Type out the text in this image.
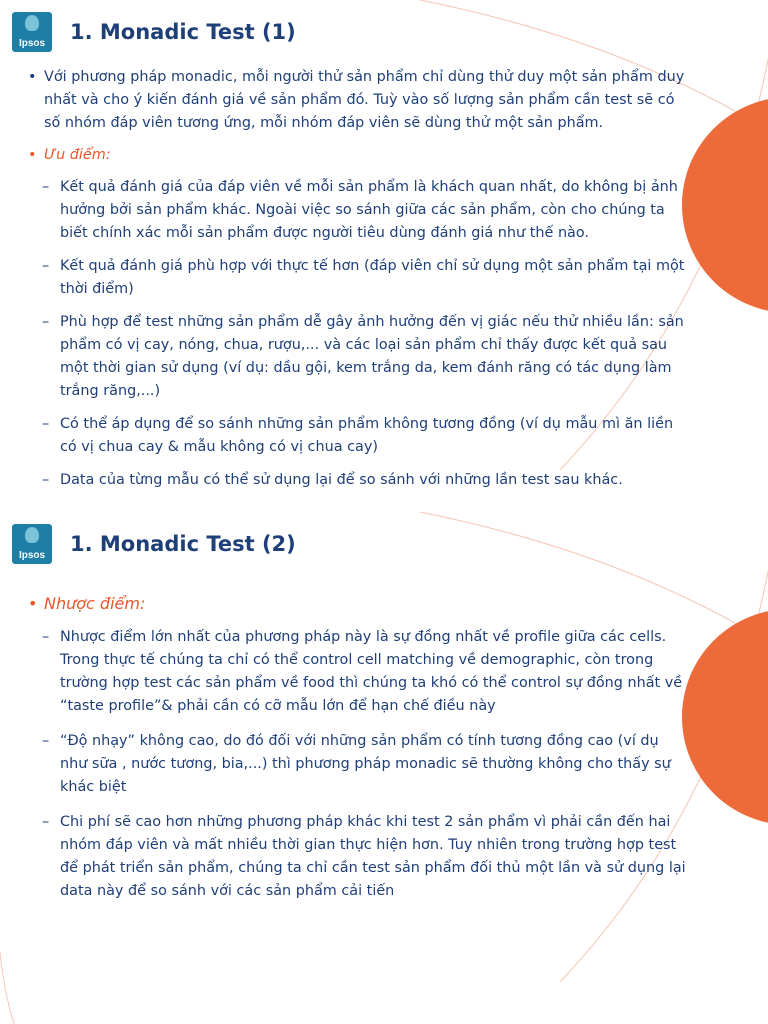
Ipsos	1. Monadic Test (1)
• Với phương pháp monadic, mỗi người thử sản phẩm chỉ dùng thử duy một sản phẩm duy nhất và cho ý kiến đánh giá về sản phẩm đó. Tuỳ vào số lượng sản phẩm cần test sẽ có số nhóm đáp viên tương ứng, mỗi nhóm đáp viên sẽ dùng thử một sản phẩm.
• Ưu điểm:
– Kết quả đánh giá của đáp viên về mỗi sản phẩm là khách quan nhất, do không bị ảnh hưởng bởi sản phẩm khác. Ngoài việc so sánh giữa các sản phẩm, còn cho chúng ta biết chính xác mỗi sản phẩm được người tiêu dùng đánh giá như thế nào.
– Kết quả đánh giá phù hợp với thực tế hơn (đáp viên chỉ sử dụng một sản phẩm tại một thời điểm)
– Phù hợp để test những sản phẩm dễ gây ảnh hưởng đến vị giác nếu thử nhiều lần: sản phẩm có vị cay, nóng, chua, rượu,... và các loại sản phẩm chỉ thấy được kết quả sau một thời gian sử dụng (ví dụ: dầu gội, kem trắng da, kem đánh răng có tác dụng làm trắng răng,...)
– Có thể áp dụng để so sánh những sản phẩm không tương đồng (ví dụ mẫu mì ăn liền có vị chua cay & mẫu không có vị chua cay)
– Data của từng mẫu có thể sử dụng lại để so sánh với những lần test sau khác.
Ipsos	1. Monadic Test (2)
• Nhược điểm:
– Nhược điểm lớn nhất của phương pháp này là sự đồng nhất về profile giữa các cells. Trong thực tế chúng ta chỉ có thể control cell matching về demographic, còn trong trường hợp test các sản phẩm về food thì chúng ta khó có thể control sự đồng nhất về “taste profile”& phải cần có cỡ mẫu lớn để hạn chế điều này
– “Độ nhạy” không cao, do đó đối với những sản phẩm có tính tương đồng cao (ví dụ như sữa , nước tương, bia,...) thì phương pháp monadic sẽ thường không cho thấy sự khác biệt
– Chi phí sẽ cao hơn những phương pháp khác khi test 2 sản phẩm vì phải cần đến hai nhóm đáp viên và mất nhiều thời gian thực hiện hơn. Tuy nhiên trong trường hợp test để phát triển sản phẩm, chúng ta chỉ cần test sản phẩm đối thủ một lần và sử dụng lại data này để so sánh với các sản phẩm cải tiến
